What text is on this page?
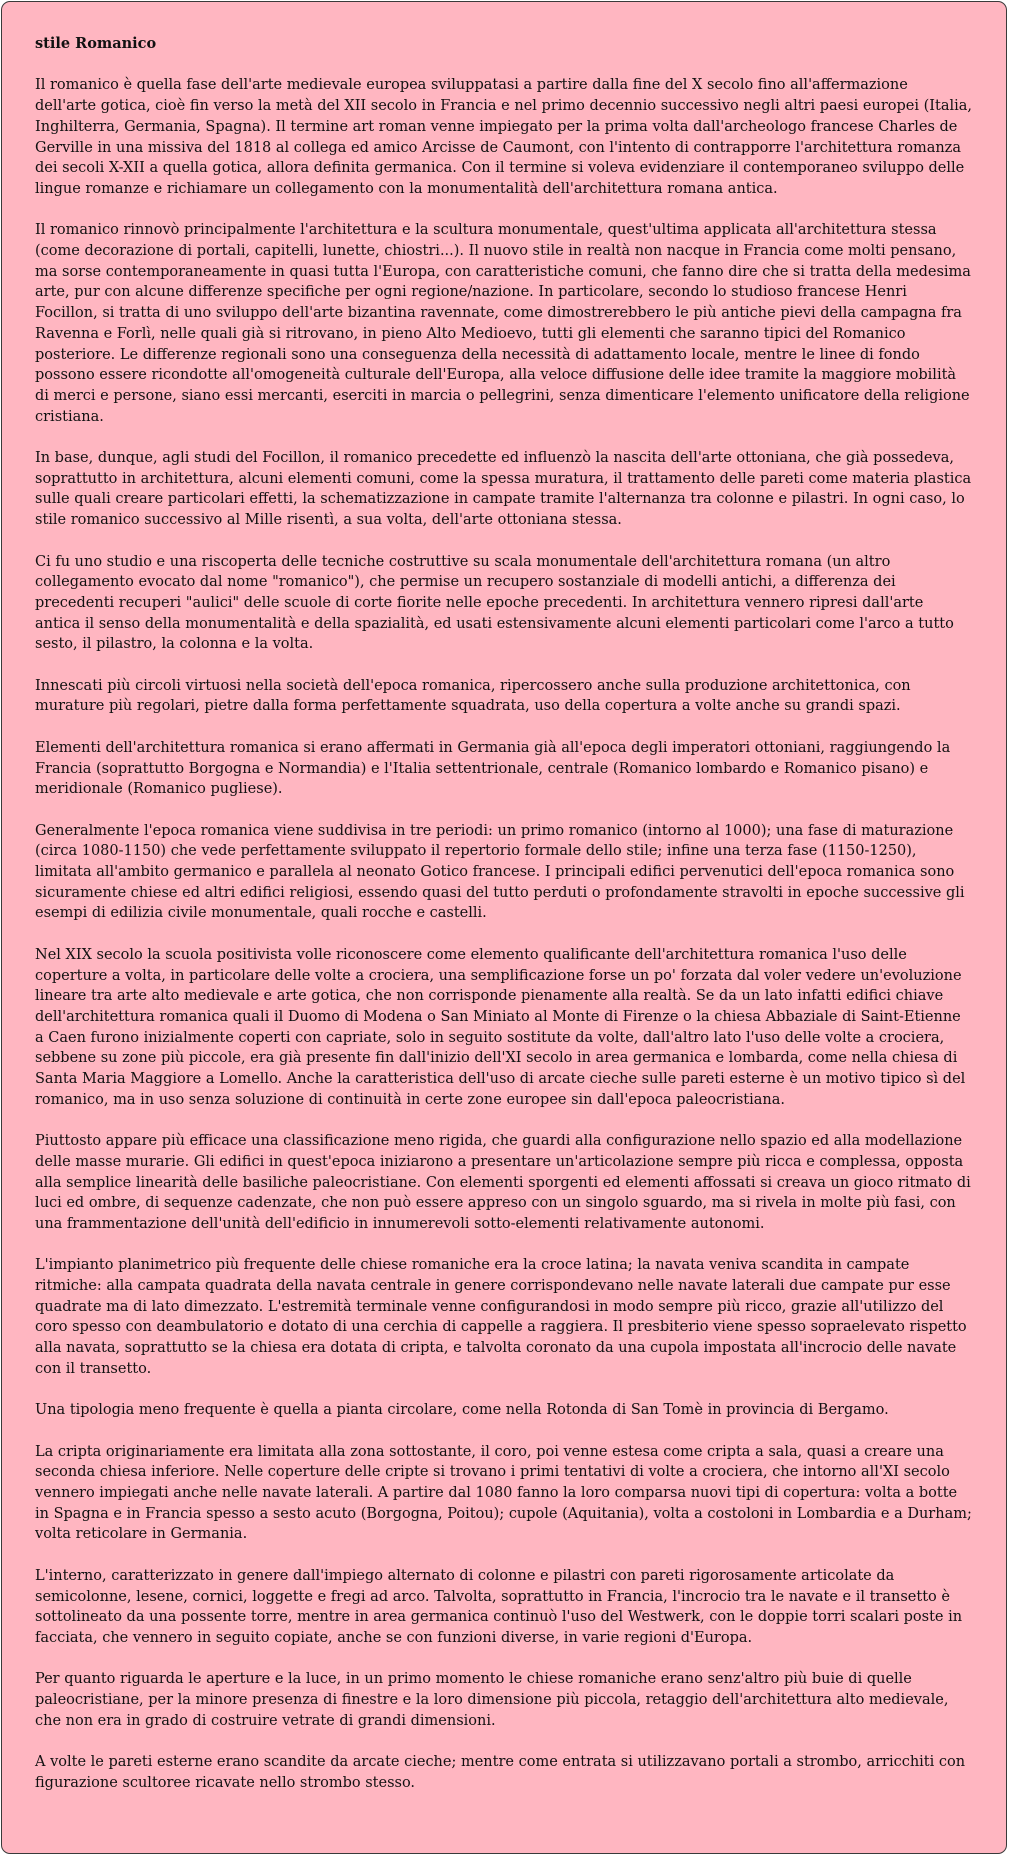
stile Romanico

Il romanico è quella fase dell'arte medievale europea sviluppatasi a partire dalla fine del X secolo fino all'affermazione dell'arte gotica, cioè fin verso la metà del XII secolo in Francia e nel primo decennio successivo negli altri paesi europei (Italia, Inghilterra, Germania, Spagna). Il termine art roman venne impiegato per la prima volta dall'archeologo francese Charles de Gerville in una missiva del 1818 al collega ed amico Arcisse de Caumont, con l'intento di contrapporre l'architettura romanza dei secoli X-XII a quella gotica, allora definita germanica. Con il termine si voleva evidenziare il contemporaneo sviluppo delle lingue romanze e richiamare un collegamento con la monumentalità dell'architettura romana antica.

Il romanico rinnovò principalmente l'architettura e la scultura monumentale, quest'ultima applicata all'architettura stessa (come decorazione di portali, capitelli, lunette, chiostri...). Il nuovo stile in realtà non nacque in Francia come molti pensano, ma sorse contemporaneamente in quasi tutta l'Europa, con caratteristiche comuni, che fanno dire che si tratta della medesima arte, pur con alcune differenze specifiche per ogni regione/nazione. In particolare, secondo lo studioso francese Henri Focillon, si tratta di uno sviluppo dell'arte bizantina ravennate, come dimostrerebbero le più antiche pievi della campagna fra Ravenna e Forlì, nelle quali già si ritrovano, in pieno Alto Medioevo, tutti gli elementi che saranno tipici del Romanico posteriore. Le differenze regionali sono una conseguenza della necessità di adattamento locale, mentre le linee di fondo possono essere ricondotte all'omogeneità culturale dell'Europa, alla veloce diffusione delle idee tramite la maggiore mobilità di merci e persone, siano essi mercanti, eserciti in marcia o pellegrini, senza dimenticare l'elemento unificatore della religione cristiana.

In base, dunque, agli studi del Focillon, il romanico precedette ed influenzò la nascita dell'arte ottoniana, che già possedeva, soprattutto in architettura, alcuni elementi comuni, come la spessa muratura, il trattamento delle pareti come materia plastica sulle quali creare particolari effetti, la schematizzazione in campate tramite l'alternanza tra colonne e pilastri. In ogni caso, lo stile romanico successivo al Mille risentì, a sua volta, dell'arte ottoniana stessa.

Ci fu uno studio e una riscoperta delle tecniche costruttive su scala monumentale dell'architettura romana (un altro collegamento evocato dal nome "romanico"), che permise un recupero sostanziale di modelli antichi, a differenza dei precedenti recuperi "aulici" delle scuole di corte fiorite nelle epoche precedenti. In architettura vennero ripresi dall'arte antica il senso della monumentalità e della spazialità, ed usati estensivamente alcuni elementi particolari come l'arco a tutto sesto, il pilastro, la colonna e la volta.

Innescati più circoli virtuosi nella società dell'epoca romanica, ripercossero anche sulla produzione architettonica, con murature più regolari, pietre dalla forma perfettamente squadrata, uso della copertura a volte anche su grandi spazi.

Elementi dell'architettura romanica si erano affermati in Germania già all'epoca degli imperatori ottoniani, raggiungendo la Francia (soprattutto Borgogna e Normandia) e l'Italia settentrionale, centrale (Romanico lombardo e Romanico pisano) e meridionale (Romanico pugliese).

Generalmente l'epoca romanica viene suddivisa in tre periodi: un primo romanico (intorno al 1000); una fase di maturazione (circa 1080-1150) che vede perfettamente sviluppato il repertorio formale dello stile; infine una terza fase (1150-1250), limitata all'ambito germanico e parallela al neonato Gotico francese. I principali edifici pervenutici dell'epoca romanica sono sicuramente chiese ed altri edifici religiosi, essendo quasi del tutto perduti o profondamente stravolti in epoche successive gli esempi di edilizia civile monumentale, quali rocche e castelli.

Nel XIX secolo la scuola positivista volle riconoscere come elemento qualificante dell'architettura romanica l'uso delle coperture a volta, in particolare delle volte a crociera, una semplificazione forse un po' forzata dal voler vedere un'evoluzione lineare tra arte alto medievale e arte gotica, che non corrisponde pienamente alla realtà. Se da un lato infatti edifici chiave dell'architettura romanica quali il Duomo di Modena o San Miniato al Monte di Firenze o la chiesa Abbaziale di Saint-Etienne a Caen furono inizialmente coperti con capriate, solo in seguito sostitute da volte, dall'altro lato l'uso delle volte a crociera, sebbene su zone più piccole, era già presente fin dall'inizio dell'XI secolo in area germanica e lombarda, come nella chiesa di Santa Maria Maggiore a Lomello. Anche la caratteristica dell'uso di arcate cieche sulle pareti esterne è un motivo tipico sì del romanico, ma in uso senza soluzione di continuità in certe zone europee sin dall'epoca paleocristiana.

Piuttosto appare più efficace una classificazione meno rigida, che guardi alla configurazione nello spazio ed alla modellazione delle masse murarie. Gli edifici in quest'epoca iniziarono a presentare un'articolazione sempre più ricca e complessa, opposta alla semplice linearità delle basiliche paleocristiane. Con elementi sporgenti ed elementi affossati si creava un gioco ritmato di luci ed ombre, di sequenze cadenzate, che non può essere appreso con un singolo sguardo, ma si rivela in molte più fasi, con una frammentazione dell'unità dell'edificio in innumerevoli sotto-elementi relativamente autonomi.

L'impianto planimetrico più frequente delle chiese romaniche era la croce latina; la navata veniva scandita in campate ritmiche: alla campata quadrata della navata centrale in genere corrispondevano nelle navate laterali due campate pur esse quadrate ma di lato dimezzato. L'estremità terminale venne configurandosi in modo sempre più ricco, grazie all'utilizzo del coro spesso con deambulatorio e dotato di una cerchia di cappelle a raggiera. Il presbiterio viene spesso sopraelevato rispetto alla navata, soprattutto se la chiesa era dotata di cripta, e talvolta coronato da una cupola impostata all'incrocio delle navate con il transetto.

Una tipologia meno frequente è quella a pianta circolare, come nella Rotonda di San Tomè in provincia di Bergamo.

La cripta originariamente era limitata alla zona sottostante, il coro, poi venne estesa come cripta a sala, quasi a creare una seconda chiesa inferiore. Nelle coperture delle cripte si trovano i primi tentativi di volte a crociera, che intorno all'XI secolo vennero impiegati anche nelle navate laterali. A partire dal 1080 fanno la loro comparsa nuovi tipi di copertura: volta a botte in Spagna e in Francia spesso a sesto acuto (Borgogna, Poitou); cupole (Aquitania), volta a costoloni in Lombardia e a Durham; volta reticolare in Germania.

L'interno, caratterizzato in genere dall'impiego alternato di colonne e pilastri con pareti rigorosamente articolate da semicolonne, lesene, cornici, loggette e fregi ad arco. Talvolta, soprattutto in Francia, l'incrocio tra le navate e il transetto è sottolineato da una possente torre, mentre in area germanica continuò l'uso del Westwerk, con le doppie torri scalari poste in facciata, che vennero in seguito copiate, anche se con funzioni diverse, in varie regioni d'Europa.

Per quanto riguarda le aperture e la luce, in un primo momento le chiese romaniche erano senz'altro più buie di quelle paleocristiane, per la minore presenza di finestre e la loro dimensione più piccola, retaggio dell'architettura alto medievale, che non era in grado di costruire vetrate di grandi dimensioni.

A volte le pareti esterne erano scandite da arcate cieche; mentre come entrata si utilizzavano portali a strombo, arricchiti con figurazione scultoree ricavate nello strombo stesso.
